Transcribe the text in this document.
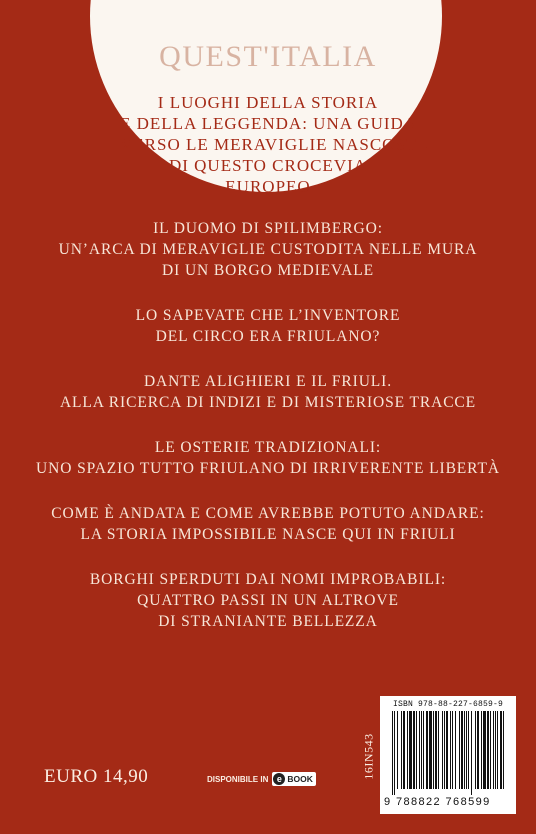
QUEST'ITALIA
I LUOGHI DELLA STORIA
E DELLA LEGGENDA: UNA GUIDA
VERSO LE MERAVIGLIE NASCOSTE
DI QUESTO CROCEVIA
EUROPEO
IL DUOMO DI SPILIMBERGO:
UN’ARCA DI MERAVIGLIE CUSTODITA NELLE MURA
DI UN BORGO MEDIEVALE
LO SAPEVATE CHE L’INVENTORE
DEL CIRCO ERA FRIULANO?
DANTE ALIGHIERI E IL FRIULI.
ALLA RICERCA DI INDIZI E DI MISTERIOSE TRACCE
LE OSTERIE TRADIZIONALI:
UNO SPAZIO TUTTO FRIULANO DI IRRIVERENTE LIBERTÀ
COME È ANDATA E COME AVREBBE POTUTO ANDARE:
LA STORIA IMPOSSIBILE NASCE QUI IN FRIULI
BORGHI SPERDUTI DAI NOMI IMPROBABILI:
QUATTRO PASSI IN UN ALTROVE
DI STRANIANTE BELLEZZA
EURO 14,90	DISPONIBILE IN e BOOK	16IN543
ISBN 978-88-227-6859-9
9 788822 768599
